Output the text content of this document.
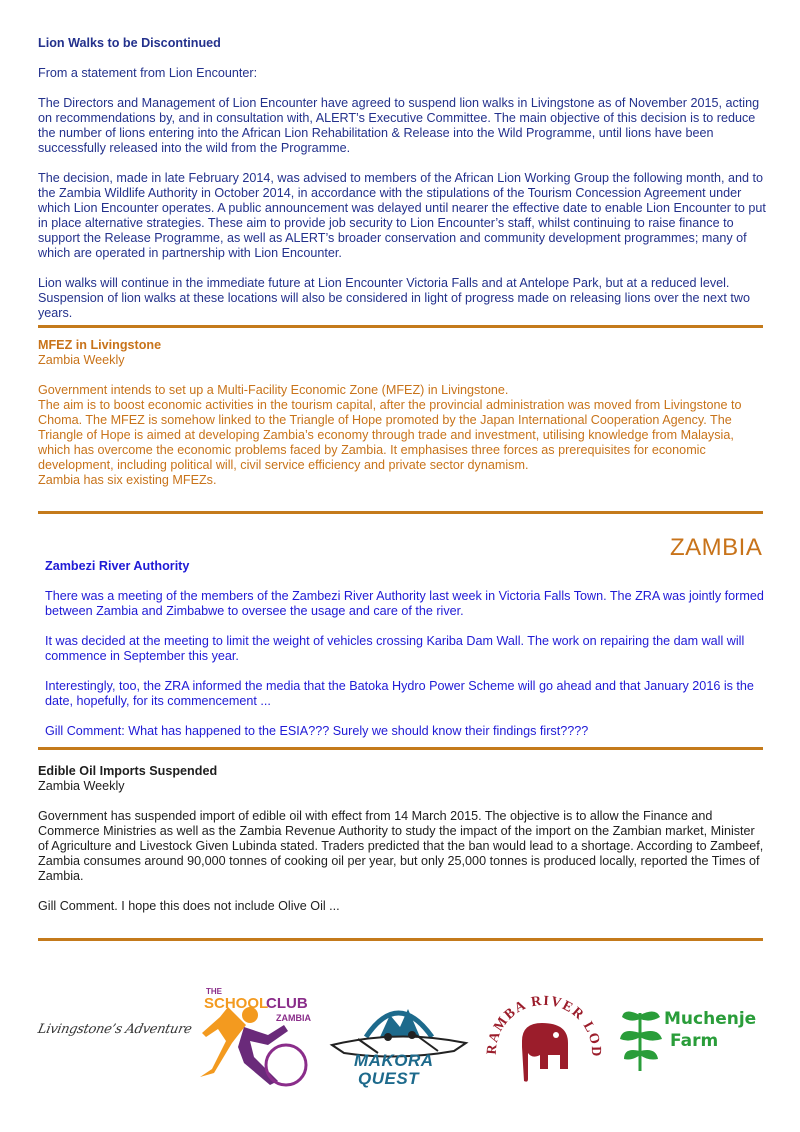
Lion Walks to be Discontinued

From a statement from Lion Encounter:

The Directors and Management of Lion Encounter have agreed to suspend lion walks in Livingstone as of November 2015, acting on recommendations by, and in consultation with, ALERT’s Executive Committee. The main objective of this decision is to reduce the number of lions entering into the African Lion Rehabilitation & Release into the Wild Programme, until lions have been successfully released into the wild from the Programme.

The decision, made in late February 2014, was advised to members of the African Lion Working Group the following month, and to the Zambia Wildlife Authority in October 2014, in accordance with the stipulations of the Tourism Concession Agreement under which Lion Encounter operates. A public announcement was delayed until nearer the effective date to enable Lion Encounter to put in place alternative strategies. These aim to provide job security to Lion Encounter’s staff, whilst continuing to raise finance to support the Release Programme, as well as ALERT’s broader conservation and community development programmes; many of which are operated in partnership with Lion Encounter.

Lion walks will continue in the immediate future at Lion Encounter Victoria Falls and at Antelope Park, but at a reduced level. Suspension of lion walks at these locations will also be considered in light of progress made on releasing lions over the next two years.

MFEZ in Livingstone

Zambia Weekly

Government intends to set up a Multi-Facility Economic Zone (MFEZ) in Livingstone.
The aim is to boost economic activities in the tourism capital, after the provincial administration was moved from Livingstone to Choma. The MFEZ is somehow linked to the Triangle of Hope promoted by the Japan International Cooperation Agency. The Triangle of Hope is aimed at developing Zambia’s economy through trade and investment, utilising knowledge from Malaysia, which has overcome the economic problems faced by Zambia. It emphasises three forces as prerequisites for economic development, including political will, civil service efficiency and private sector dynamism.
Zambia has six existing MFEZs.
ZAMBIA

Zambezi River Authority

There was a meeting of the members of the Zambezi River Authority last week in Victoria Falls Town. The ZRA was jointly formed between Zambia and Zimbabwe to oversee the usage and care of the river.

It was decided at the meeting to limit the weight of vehicles crossing Kariba Dam Wall. The work on repairing the dam wall will commence in September this year.

Interestingly, too, the ZRA informed the media that the Batoka Hydro Power Scheme will go ahead and that January 2016 is the date, hopefully, for its commencement ...

Gill Comment: What has happened to the ESIA??? Surely we should know their findings first????

Edible Oil Imports Suspended

Zambia Weekly

Government has suspended import of edible oil with effect from 14 March 2015. The objective is to allow the Finance and Commerce Ministries as well as the Zambia Revenue Authority to study the impact of the import on the Zambian market, Minister of Agriculture and Livestock Given Lubinda stated. Traders predicted that the ban would lead to a shortage. According to Zambeef, Zambia consumes around 90,000 tonnes of cooking oil per year, but only 25,000 tonnes is produced locally, reported the Times of Zambia.

Gill Comment. I hope this does not include Olive Oil ...

Livingstone’s Adventure
THE
SCHOOL
CLUB
ZAMBIA
MAKORA
QUEST
RAMBA RIVER LOD
Muchenje
Farm
